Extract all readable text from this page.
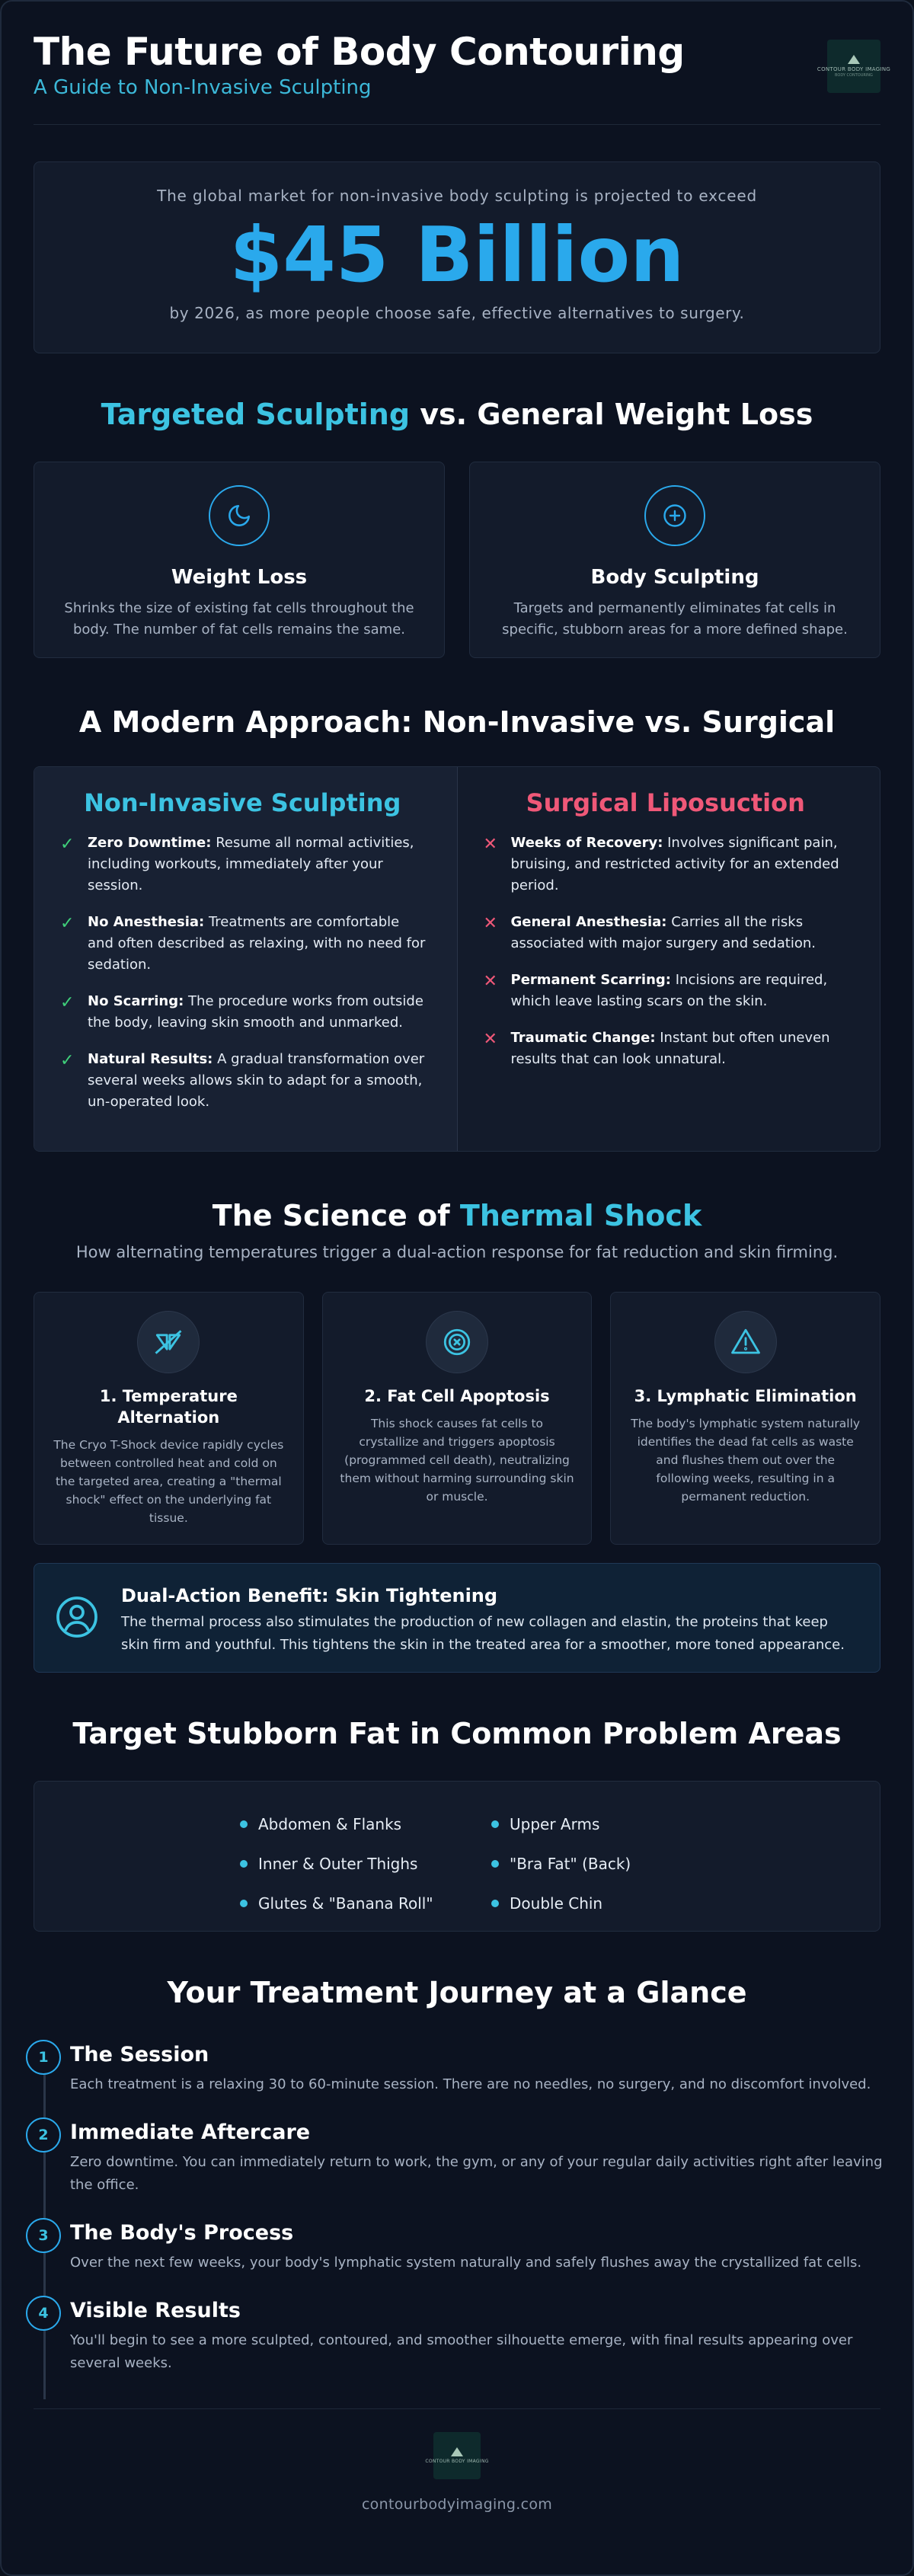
The Future of Body Contouring
A Guide to Non-Invasive Sculpting
CONTOUR BODY IMAGING
BODY CONTOURING
The global market for non-invasive body sculpting is projected to exceed
$45 Billion
by 2026, as more people choose safe, effective alternatives to surgery.
Targeted Sculpting vs. General Weight Loss
Weight Loss
Shrinks the size of existing fat cells throughout the body. The number of fat cells remains the same.
Body Sculpting
Targets and permanently eliminates fat cells in specific, stubborn areas for a more defined shape.
A Modern Approach: Non-Invasive vs. Surgical
Non-Invasive Sculpting
✓ Zero Downtime: Resume all normal activities, including workouts, immediately after your session.
✓ No Anesthesia: Treatments are comfortable and often described as relaxing, with no need for sedation.
✓ No Scarring: The procedure works from outside the body, leaving skin smooth and unmarked.
✓ Natural Results: A gradual transformation over several weeks allows skin to adapt for a smooth, un-operated look.
Surgical Liposuction
✕ Weeks of Recovery: Involves significant pain, bruising, and restricted activity for an extended period.
✕ General Anesthesia: Carries all the risks associated with major surgery and sedation.
✕ Permanent Scarring: Incisions are required, which leave lasting scars on the skin.
✕ Traumatic Change: Instant but often uneven results that can look unnatural.
The Science of Thermal Shock
How alternating temperatures trigger a dual-action response for fat reduction and skin firming.
1. Temperature Alternation
The Cryo T-Shock device rapidly cycles between controlled heat and cold on the targeted area, creating a "thermal shock" effect on the underlying fat tissue.
2. Fat Cell Apoptosis
This shock causes fat cells to crystallize and triggers apoptosis (programmed cell death), neutralizing them without harming surrounding skin or muscle.
3. Lymphatic Elimination
The body's lymphatic system naturally identifies the dead fat cells as waste and flushes them out over the following weeks, resulting in a permanent reduction.
Dual-Action Benefit: Skin Tightening
The thermal process also stimulates the production of new collagen and elastin, the proteins that keep skin firm and youthful. This tightens the skin in the treated area for a smoother, more toned appearance.
Target Stubborn Fat in Common Problem Areas
Abdomen & Flanks
Inner & Outer Thighs
Glutes & "Banana Roll"
Upper Arms
"Bra Fat" (Back)
Double Chin
Your Treatment Journey at a Glance
1	The Session
Each treatment is a relaxing 30 to 60-minute session. There are no needles, no surgery, and no discomfort involved.
2	Immediate Aftercare
Zero downtime. You can immediately return to work, the gym, or any of your regular daily activities right after leaving the office.
3	The Body's Process
Over the next few weeks, your body's lymphatic system naturally and safely flushes away the crystallized fat cells.
4	Visible Results
You'll begin to see a more sculpted, contoured, and smoother silhouette emerge, with final results appearing over several weeks.
CONTOUR BODY IMAGING
contourbodyimaging.com
